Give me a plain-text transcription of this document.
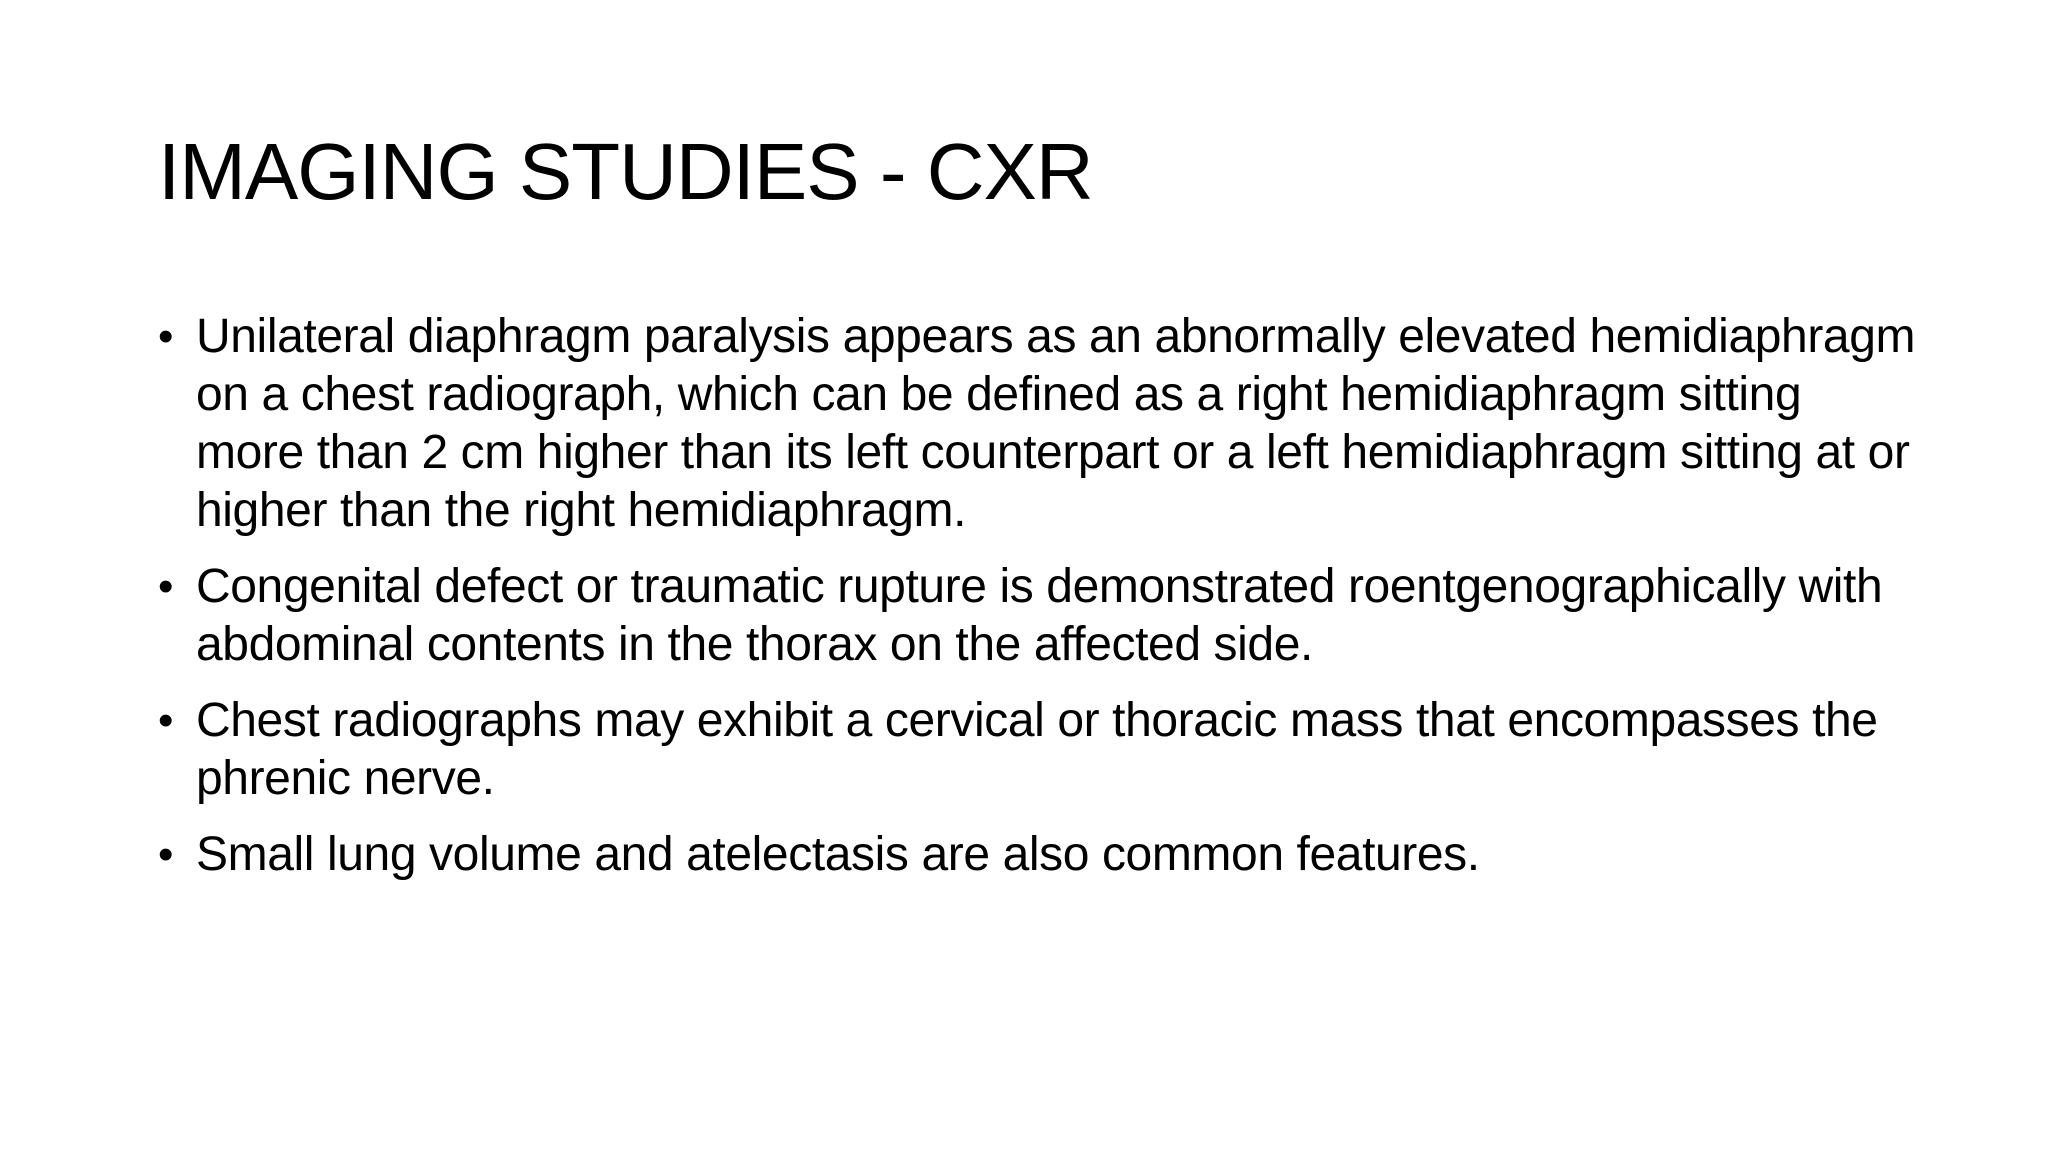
IMAGING STUDIES - CXR
• Unilateral diaphragm paralysis appears as an abnormally elevated hemidiaphragm on a chest radiograph, which can be defined as a right hemidiaphragm sitting more than 2 cm higher than its left counterpart or a left hemidiaphragm sitting at or higher than the right hemidiaphragm.
• Congenital defect or traumatic rupture is demonstrated roentgenographically with abdominal contents in the thorax on the affected side.
• Chest radiographs may exhibit a cervical or thoracic mass that encompasses the phrenic nerve.
• Small lung volume and atelectasis are also common features.
